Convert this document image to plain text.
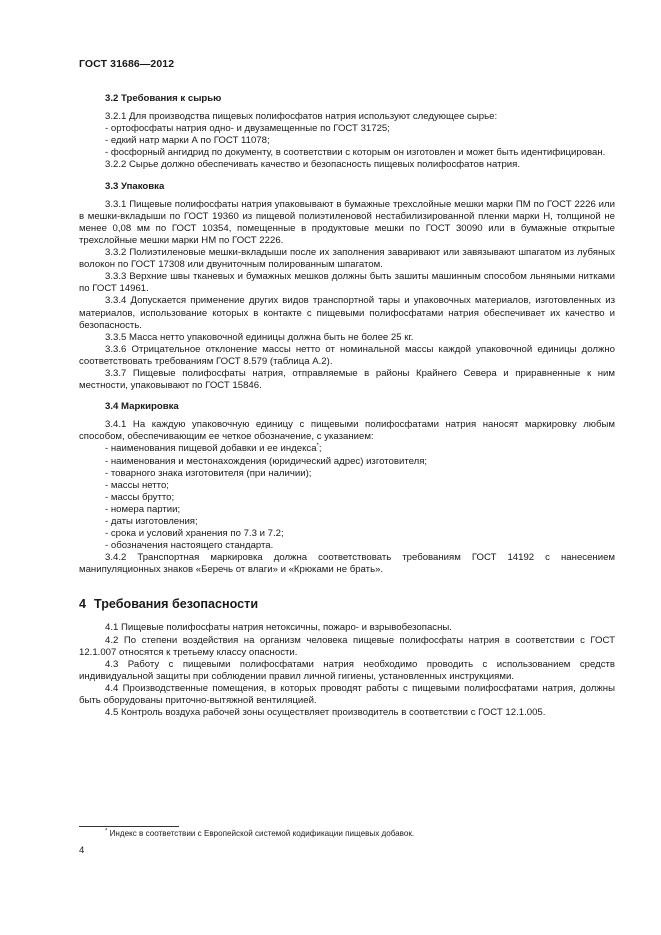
ГОСТ 31686—2012
3.2 Требования к сырью

3.2.1 Для производства пищевых полифосфатов натрия используют следующее сырье:

- ортофосфаты натрия одно- и двузамещенные по ГОСТ 31725;

- едкий натр марки А по ГОСТ 11078;

- фосфорный ангидрид по документу, в соответствии с которым он изготовлен и может быть идентифицирован.

3.2.2 Сырье должно обеспечивать качество и безопасность пищевых полифосфатов натрия.

3.3 Упаковка

3.3.1 Пищевые полифосфаты натрия упаковывают в бумажные трехслойные мешки марки ПМ по ГОСТ 2226 или в мешки-вкладыши по ГОСТ 19360 из пищевой полиэтиленовой нестабилизированной пленки марки Н, толщиной не менее 0,08 мм по ГОСТ 10354, помещенные в продуктовые мешки по ГОСТ 30090 или в бумажные открытые трехслойные мешки марки НМ по ГОСТ 2226.

3.3.2 Полиэтиленовые мешки-вкладыши после их заполнения заваривают или завязывают шпагатом из лубяных волокон по ГОСТ 17308 или двуниточным полированным шпагатом.

3.3.3 Верхние швы тканевых и бумажных мешков должны быть зашиты машинным способом льняными нитками по ГОСТ 14961.

3.3.4 Допускается применение других видов транспортной тары и упаковочных материалов, изготовленных из материалов, использование которых в контакте с пищевыми полифосфатами натрия обеспечивает их качество и безопасность.

3.3.5 Масса нетто упаковочной единицы должна быть не более 25 кг.

3.3.6 Отрицательное отклонение массы нетто от номинальной массы каждой упаковочной единицы должно соответствовать требованиям ГОСТ 8.579 (таблица А.2).

3.3.7 Пищевые полифосфаты натрия, отправляемые в районы Крайнего Севера и приравненные к ним местности, упаковывают по ГОСТ 15846.

3.4 Маркировка

3.4.1 На каждую упаковочную единицу с пищевыми полифосфатами натрия наносят маркировку любым способом, обеспечивающим ее четкое обозначение, с указанием:

- наименования пищевой добавки и ее индекса*;

- наименования и местонахождения (юридический адрес) изготовителя;

- товарного знака изготовителя (при наличии);

- массы нетто;

- массы брутто;

- номера партии;

- даты изготовления;

- срока и условий хранения по 7.3 и 7.2;

- обозначения настоящего стандарта.

3.4.2 Транспортная маркировка должна соответствовать требованиям ГОСТ 14192 с нанесением манипуляционных знаков «Беречь от влаги» и «Крюками не брать».

4 Требования безопасности

4.1 Пищевые полифосфаты натрия нетоксичны, пожаро- и взрывобезопасны.

4.2 По степени воздействия на организм человека пищевые полифосфаты натрия в соответствии с ГОСТ 12.1.007 относятся к третьему классу опасности.

4.3 Работу с пищевыми полифосфатами натрия необходимо проводить с использованием средств индивидуальной защиты при соблюдении правил личной гигиены, установленных инструкциями.

4.4 Производственные помещения, в которых проводят работы с пищевыми полифосфатами натрия, должны быть оборудованы приточно-вытяжной вентиляцией.

4.5 Контроль воздуха рабочей зоны осуществляет производитель в соответствии с ГОСТ 12.1.005.

* Индекс в соответствии с Европейской системой кодификации пищевых добавок.
4
